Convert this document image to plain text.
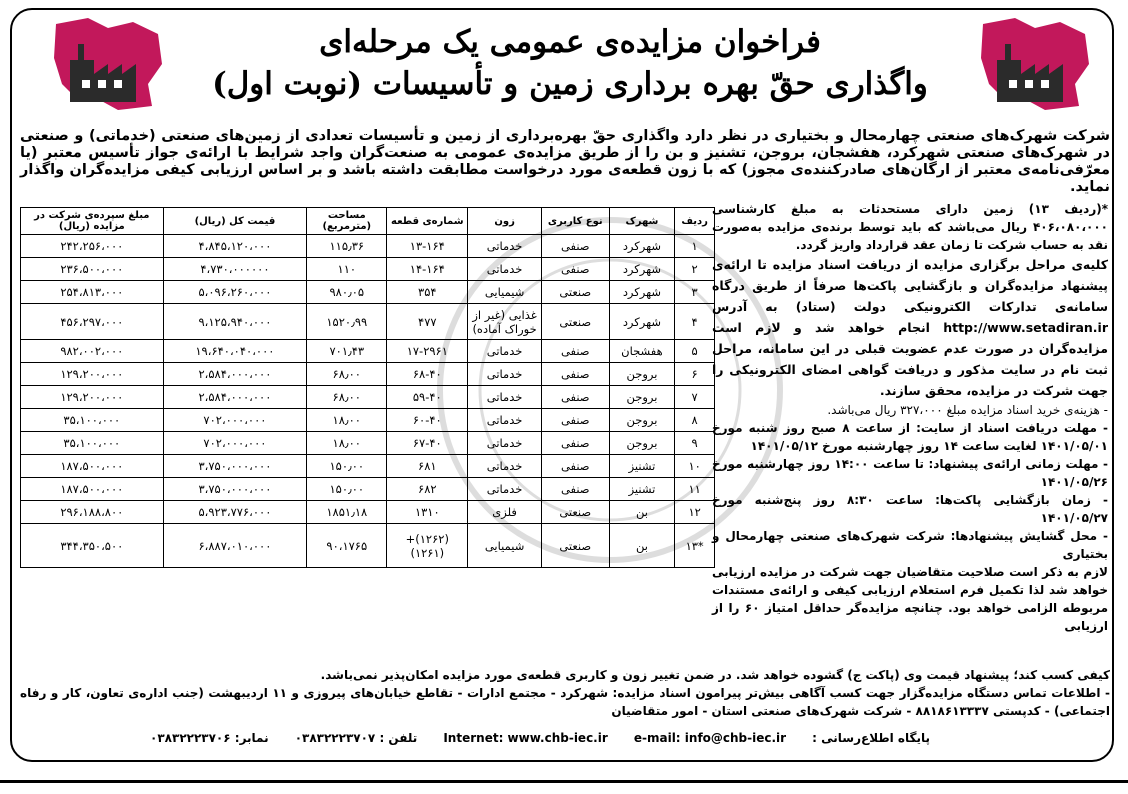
فراخوان مزایده‌ی عمومی یک مرحله‌ای
واگذاری حقّ بهره برداری زمین و تأسیسات (نوبت اول)
شرکت شهرک‌های صنعتی چهارمحال و بختیاری در نظر دارد واگذاری حقّ بهره‌برداری از زمین و تأسیسات تعدادی از زمین‌های صنعتی (خدماتی) و صنعتی در شهرک‌های صنعتی شهرکرد، هفشجان، بروجن، تشنیز و بن را از طریق مزایده‌ی عمومی به صنعت‌گران واجد شرایط با ارائه‌ی جواز تأسیس معتبر (یا معرّفی‌نامه‌ی معتبر از ارگان‌های صادرکننده‌ی مجوز) که با زون قطعه‌ی مورد درخواست مطابقت داشته باشد و بر اساس ارزیابی کیفی مزایده‌گران واگذار نماید.
ردیف	شهرک	نوع کاربری	زون	شماره‌ی قطعه	مساحت (مترمربع)	قیمت کل (ریال)	مبلغ سپرده‌ی شرکت در مزایده (ریال)
۱	شهرکرد	صنفی	خدماتی	۱۳-۱۶۴	۱۱۵٫۳۶	۴،۸۴۵،۱۲۰،۰۰۰	۲۴۲،۲۵۶،۰۰۰
۲	شهرکرد	صنفی	خدماتی	۱۴-۱۶۴	۱۱۰	۴،۷۳۰،۰۰۰۰۰۰	۲۳۶،۵۰۰،۰۰۰
۳	شهرکرد	صنعتی	شیمیایی	۳۵۴	۹۸۰٫۰۵	۵،۰۹۶،۲۶۰،۰۰۰	۲۵۴،۸۱۳،۰۰۰
۴	شهرکرد	صنعتی	غذایی (غیر از خوراک آماده)	۴۷۷	۱۵۲۰٫۹۹	۹،۱۲۵،۹۴۰،۰۰۰	۴۵۶،۲۹۷،۰۰۰
۵	هفشجان	صنفی	خدماتی	۱۷-۲۹۶۱	۷۰۱٫۴۳	۱۹،۶۴۰،۰۴۰،۰۰۰	۹۸۲،۰۰۲،۰۰۰
۶	بروجن	صنفی	خدماتی	۶۸-۴۰	۶۸٫۰۰	۲،۵۸۴،۰۰۰،۰۰۰	۱۲۹،۲۰۰،۰۰۰
۷	بروجن	صنفی	خدماتی	۵۹-۴۰	۶۸٫۰۰	۲،۵۸۴،۰۰۰،۰۰۰	۱۲۹،۲۰۰،۰۰۰
۸	بروجن	صنفی	خدماتی	۶۰-۴۰	۱۸٫۰۰	۷۰۲،۰۰۰،۰۰۰	۳۵،۱۰۰،۰۰۰
۹	بروجن	صنفی	خدماتی	۶۷-۴۰	۱۸٫۰۰	۷۰۲،۰۰۰،۰۰۰	۳۵،۱۰۰،۰۰۰
۱۰	تشنیز	صنفی	خدماتی	۶۸۱	۱۵۰٫۰۰	۳،۷۵۰،۰۰۰،۰۰۰	۱۸۷،۵۰۰،۰۰۰
۱۱	تشنیز	صنفی	خدماتی	۶۸۲	۱۵۰٫۰۰	۳،۷۵۰،۰۰۰،۰۰۰	۱۸۷،۵۰۰،۰۰۰
۱۲	بن	صنعتی	فلزی	۱۳۱۰	۱۸۵۱٫۱۸	۵،۹۲۳،۷۷۶،۰۰۰	۲۹۶،۱۸۸،۸۰۰
*۱۳	بن	صنعتی	شیمیایی	(۱۲۶۲)+ (۱۲۶۱)	۹۰،۱۷۶۵	۶،۸۸۷،۰۱۰،۰۰۰	۳۴۴،۳۵۰،۵۰۰

*(ردیف ۱۳) زمین دارای مستحدثات به مبلغ کارشناسی ۴۰۶،۰۸۰،۰۰۰ ریال می‌باشد که باید توسط برنده‌ی مزایده به‌صورت نقد به حساب شرکت تا زمان عقد قرارداد واریز گردد.

کلیه‌ی مراحل برگزاری مزایده از دریافت اسناد مزایده تا ارائه‌ی پیشنهاد مزایده‌گران و بازگشایی پاکت‌ها صرفاً از طریق درگاه سامانه‌ی تدارکات الکترونیکی دولت (ستاد) به آدرس http://www.setadiran.ir انجام خواهد شد و لازم است مزایده‌گران در صورت عدم عضویت قبلی در این سامانه، مراحل ثبت نام در سایت مذکور و دریافت گواهی امضای الکترونیکی را جهت شرکت در مزایده، محقق سازند.

- هزینه‌ی خرید اسناد مزایده مبلغ ۳۲۷،۰۰۰ ریال می‌باشد.

- مهلت دریافت اسناد از سایت: از ساعت ۸ صبح روز شنبه مورخ ۱۴۰۱/۰۵/۰۱ لغایت ساعت ۱۴ روز چهارشنبه مورخ ۱۴۰۱/۰۵/۱۲

- مهلت زمانی ارائه‌ی پیشنهاد: تا ساعت ۱۴:۰۰ روز چهارشنبه مورخ ۱۴۰۱/۰۵/۲۶

- زمان بازگشایی پاکت‌ها: ساعت ۸:۳۰ روز پنج‌شنبه مورخ ۱۴۰۱/۰۵/۲۷

- محل گشایش پیشنهادها: شرکت شهرک‌های صنعتی چهارمحال و بختیاری

لازم به ذکر است صلاحیت متقاضیان جهت شرکت در مزایده ارزیابی خواهد شد لذا تکمیل فرم استعلام ارزیابی کیفی و ارائه‌ی مستندات مربوطه الزامی خواهد بود. چنانچه مزایده‌گر حداقل امتیاز ۶۰ را از ارزیابی

کیفی کسب کند؛ پیشنهاد قیمت وی (پاکت ج) گشوده خواهد شد. در ضمن تغییر زون و کاربری قطعه‌ی مورد مزایده امکان‌پذیر نمی‌باشد.

- اطلاعات تماس دستگاه مزایده‌گزار جهت کسب آگاهی بیش‌تر پیرامون اسناد مزایده: شهرکرد - مجتمع ادارات - تقاطع خیابان‌های پیروزی و ۱۱ اردیبهشت (جنب اداره‌ی تعاون، کار و رفاه اجتماعی) - کدپستی ۸۸۱۸۶۱۳۳۳۷ - شرکت شهرک‌های صنعتی استان - امور متقاضیان

پایگاه اطلاع‌رسانی :
e-mail: info@chb-iec.ir
Internet: www.chb-iec.ir
تلفن : ۰۳۸۳۲۲۲۳۷۰۷
نمابر: ۰۳۸۳۲۲۲۳۷۰۶
